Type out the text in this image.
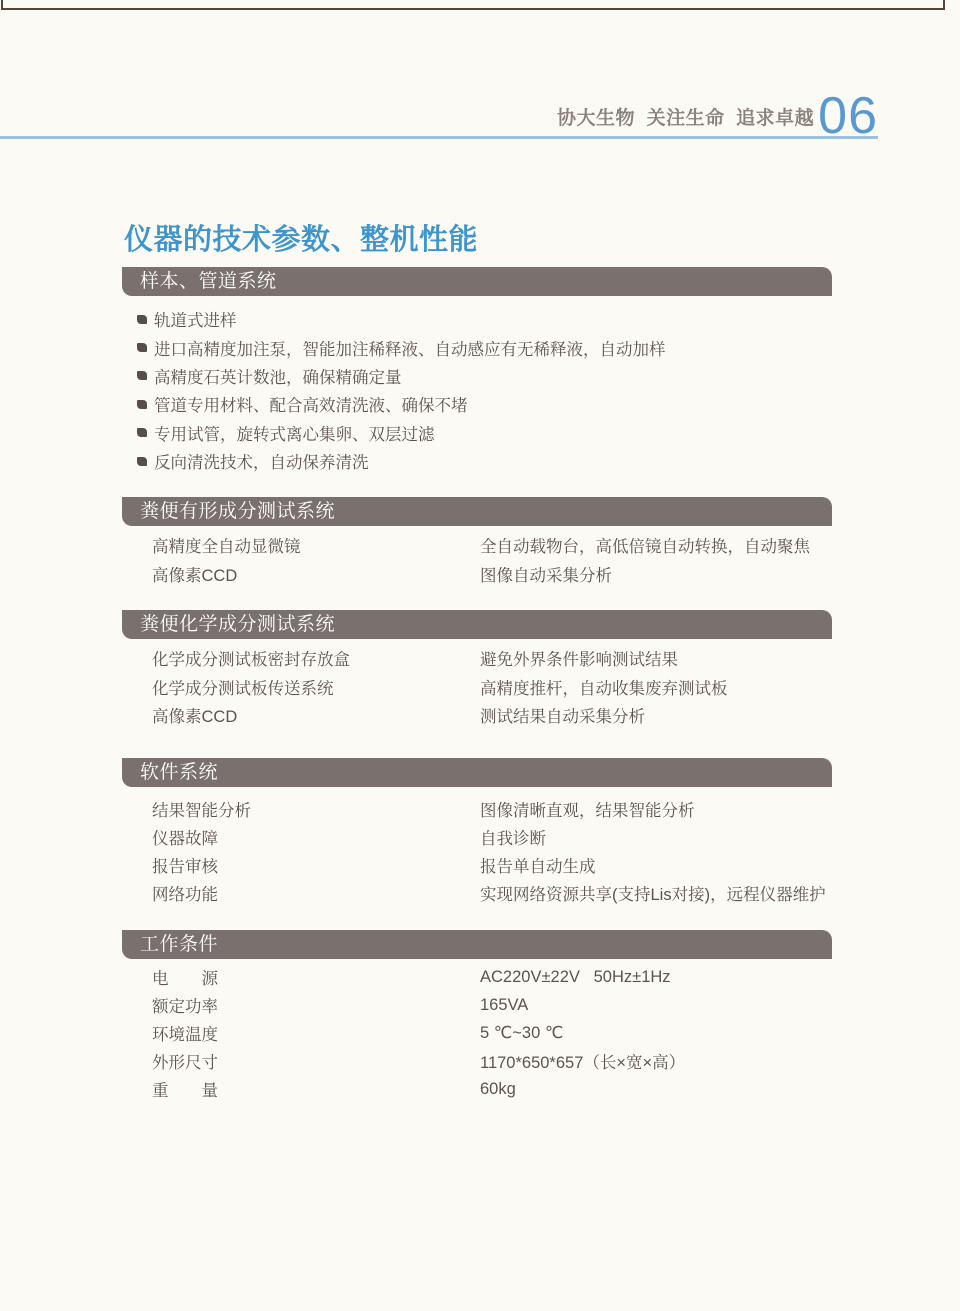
协大生物  关注生命  追求卓越 06
仪器的技术参数、整机性能
样本、管道系统
轨道式进样
进口高精度加注泵，智能加注稀释液、自动感应有无稀释液，自动加样
高精度石英计数池，确保精确定量
管道专用材料、配合高效清洗液、确保不堵
专用试管，旋转式离心集卵、双层过滤
反向清洗技术，自动保养清洗
粪便有形成分测试系统
高精度全自动显微镜	全自动载物台，高低倍镜自动转换，自动聚焦
高像素CCD	图像自动采集分析
粪便化学成分测试系统
化学成分测试板密封存放盒	避免外界条件影响测试结果
化学成分测试板传送系统	高精度推杆，自动收集废弃测试板
高像素CCD	测试结果自动采集分析
软件系统
结果智能分析	图像清晰直观，结果智能分析
仪器故障	自我诊断
报告审核	报告单自动生成
网络功能	实现网络资源共享(支持Lis对接)，远程仪器维护
工作条件
电 源	AC220V±22V   50Hz±1Hz
额定功率	165VA
环境温度	5 ℃~30 ℃
外形尺寸	1170*650*657（长×宽×高）
重 量	60kg
